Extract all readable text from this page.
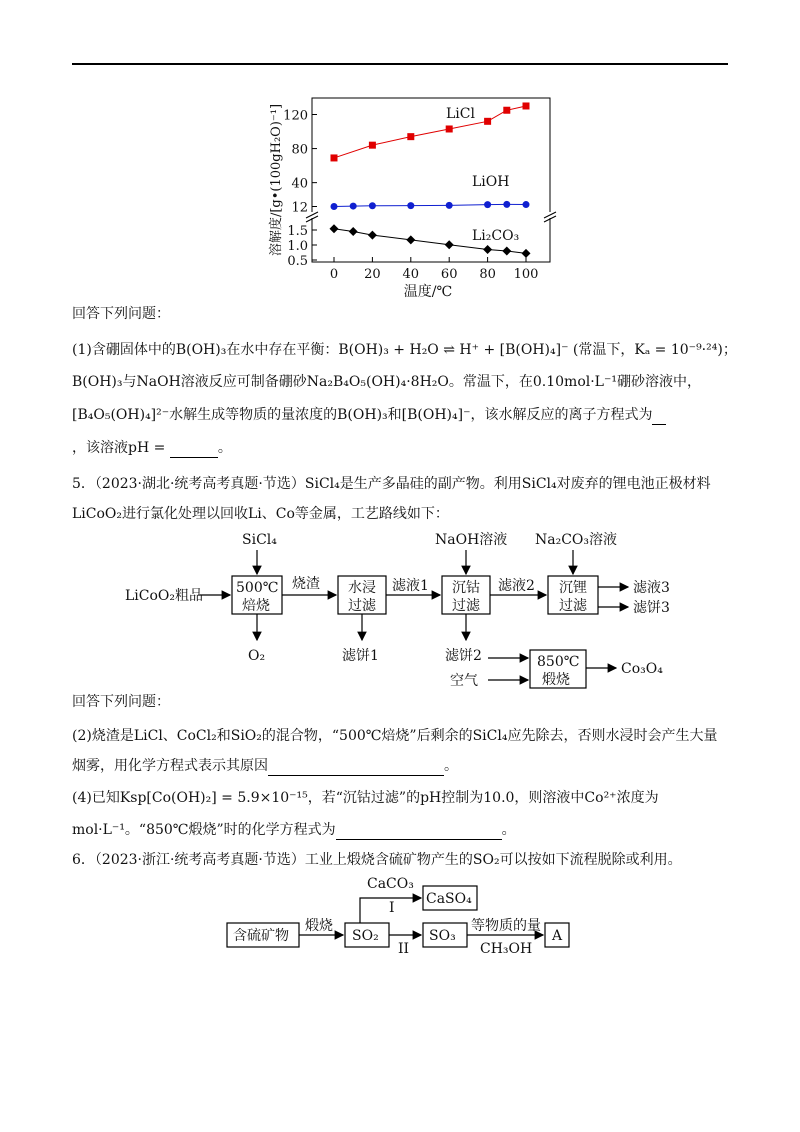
120
80
40
12
1.5
1.0
0.5
0 20 40 60 80 100
温度/℃
溶解度/[g•(100gH₂O)⁻¹]	LiCl
LiOH
Li₂CO₃
回答下列问题：
(1)含硼固体中的B(OH)₃在水中存在平衡：B(OH)₃ + H₂O ⇌ H⁺ + [B(OH)₄]⁻ (常温下，Kₐ = 10⁻⁹·²⁴)；
B(OH)₃与NaOH溶液反应可制备硼砂Na₂B₄O₅(OH)₄·8H₂O。常温下，在0.10mol·L⁻¹硼砂溶液中，
[B₄O₅(OH)₄]²⁻水解生成等物质的量浓度的B(OH)₃和[B(OH)₄]⁻，该水解反应的离子方程式为
，该溶液pH =	。
5．（2023·湖北·统考高考真题·节选）SiCl₄是生产多晶硅的副产物。利用SiCl₄对废弃的锂电池正极材料
LiCoO₂进行氯化处理以回收Li、Co等金属，工艺路线如下：
SiCl₄	NaOH溶液 Na₂CO₃溶液
LiCoO₂粗品 500℃
焙烧
烧渣 水浸
过滤
滤液1 沉钴
过滤
滤液2 沉锂
过滤
滤液3
滤饼3
O₂	滤饼1	滤饼2
空气
850℃
煅烧
Co₃O₄
回答下列问题：
(2)烧渣是LiCl、CoCl₂和SiO₂的混合物，“500℃焙烧”后剩余的SiCl₄应先除去，否则水浸时会产生大量
烟雾，用化学方程式表示其原因	。
(4)已知Ksp[Co(OH)₂] = 5.9×10⁻¹⁵，若“沉钴过滤”的pH控制为10.0，则溶液中Co²⁺浓度为
mol·L⁻¹。“850℃煅烧”时的化学方程式为	。
6．（2023·浙江·统考高考真题·节选）工业上煅烧含硫矿物产生的SO₂可以按如下流程脱除或利用。
含硫矿物
煅烧
SO₂
CaCO₃
I
CaSO₄
II
SO₃
等物质的量
CH₃OH
A
